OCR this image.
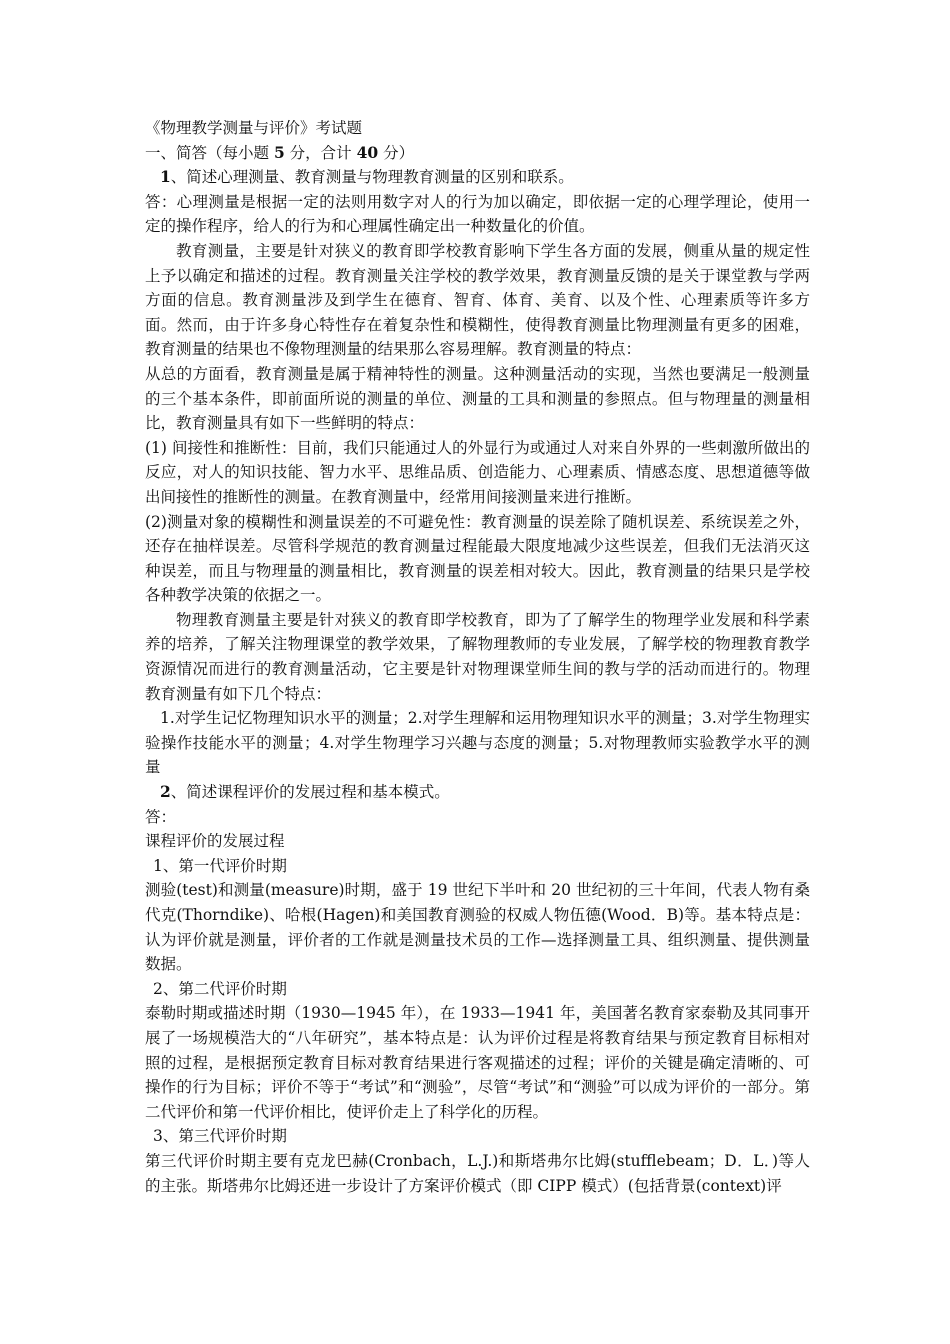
《物理教学测量与评价》考试题

一、简答（每小题 5 分，合计 40 分）

1、简述心理测量、教育测量与物理教育测量的区别和联系。

答：心理测量是根据一定的法则用数字对人的行为加以确定，即依据一定的心理学理论，使用一定的操作程序，给人的行为和心理属性确定出一种数量化的价值。

教育测量，主要是针对狭义的教育即学校教育影响下学生各方面的发展，侧重从量的规定性上予以确定和描述的过程。教育测量关注学校的教学效果，教育测量反馈的是关于课堂教与学两方面的信息。教育测量涉及到学生在德育、智育、体育、美育、以及个性、心理素质等许多方面。然而，由于许多身心特性存在着复杂性和模糊性，使得教育测量比物理测量有更多的困难，教育测量的结果也不像物理测量的结果那么容易理解。教育测量的特点：

从总的方面看，教育测量是属于精神特性的测量。这种测量活动的实现，当然也要满足一般测量的三个基本条件，即前面所说的测量的单位、测量的工具和测量的参照点。但与物理量的测量相比，教育测量具有如下一些鲜明的特点：

(1) 间接性和推断性：目前，我们只能通过人的外显行为或通过人对来自外界的一些刺激所做出的反应，对人的知识技能、智力水平、思维品质、创造能力、心理素质、情感态度、思想道德等做出间接性的推断性的测量。在教育测量中，经常用间接测量来进行推断。

(2)测量对象的模糊性和测量误差的不可避免性：教育测量的误差除了随机误差、系统误差之外，还存在抽样误差。尽管科学规范的教育测量过程能最大限度地减少这些误差，但我们无法消灭这种误差，而且与物理量的测量相比，教育测量的误差相对较大。因此，教育测量的结果只是学校各种教学决策的依据之一。

物理教育测量主要是针对狭义的教育即学校教育，即为了了解学生的物理学业发展和科学素养的培养，了解关注物理课堂的教学效果，了解物理教师的专业发展，了解学校的物理教育教学资源情况而进行的教育测量活动，它主要是针对物理课堂师生间的教与学的活动而进行的。物理教育测量有如下几个特点：

1.对学生记忆物理知识水平的测量；2.对学生理解和运用物理知识水平的测量；3.对学生物理实验操作技能水平的测量；4.对学生物理学习兴趣与态度的测量；5.对物理教师实验教学水平的测量

2、简述课程评价的发展过程和基本模式。

答：

课程评价的发展过程

1、第一代评价时期

测验(test)和测量(measure)时期，盛于 19 世纪下半叶和 20 世纪初的三十年间，代表人物有桑代克(Thorndike)、哈根(Hagen)和美国教育测验的权威人物伍德(Wood．B)等。基本特点是：认为评价就是测量，评价者的工作就是测量技术员的工作—选择测量工具、组织测量、提供测量数据。

2、第二代评价时期

泰勒时期或描述时期（1930—1945 年），在 1933—1941 年，美国著名教育家泰勒及其同事开展了一场规模浩大的“八年研究”，基本特点是：认为评价过程是将教育结果与预定教育目标相对照的过程，是根据预定教育目标对教育结果进行客观描述的过程；评价的关键是确定清晰的、可操作的行为目标；评价不等于“考试”和“测验”，尽管“考试”和“测验”可以成为评价的一部分。第二代评价和第一代评价相比，使评价走上了科学化的历程。

3、第三代评价时期

第三代评价时期主要有克龙巴赫(Cronbach，L.J.)和斯塔弗尔比姆(stufflebeam；D．L．)等人的主张。斯塔弗尔比姆还进一步设计了方案评价模式（即 CIPP 模式）(包括背景(context)评
